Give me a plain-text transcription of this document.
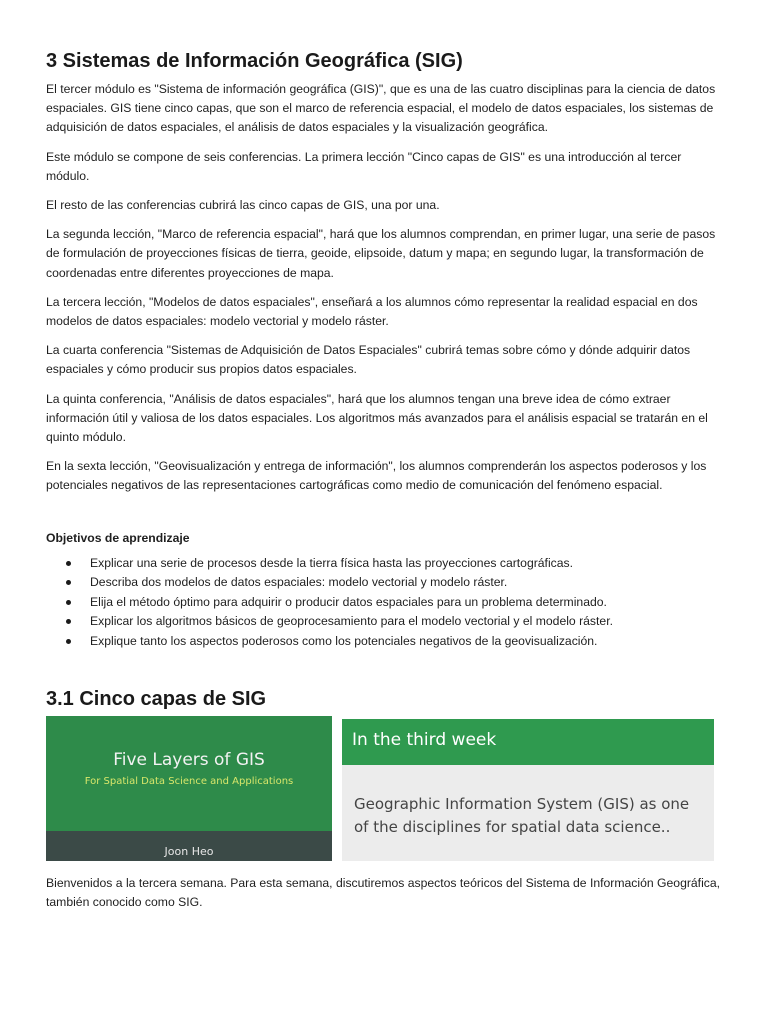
3 Sistemas de Información Geográfica (SIG)

El tercer módulo es "Sistema de información geográfica (GIS)", que es una de las cuatro disciplinas para la ciencia de datos espaciales. GIS tiene cinco capas, que son el marco de referencia espacial, el modelo de datos espaciales, los sistemas de adquisición de datos espaciales, el análisis de datos espaciales y la visualización geográfica.

Este módulo se compone de seis conferencias. La primera lección "Cinco capas de GIS" es una introducción al tercer módulo.

El resto de las conferencias cubrirá las cinco capas de GIS, una por una.

La segunda lección, "Marco de referencia espacial", hará que los alumnos comprendan, en primer lugar, una serie de pasos de formulación de proyecciones físicas de tierra, geoide, elipsoide, datum y mapa; en segundo lugar, la transformación de coordenadas entre diferentes proyecciones de mapa.

La tercera lección, "Modelos de datos espaciales", enseñará a los alumnos cómo representar la realidad espacial en dos modelos de datos espaciales: modelo vectorial y modelo ráster.

La cuarta conferencia "Sistemas de Adquisición de Datos Espaciales" cubrirá temas sobre cómo y dónde adquirir datos espaciales y cómo producir sus propios datos espaciales.

La quinta conferencia, "Análisis de datos espaciales", hará que los alumnos tengan una breve idea de cómo extraer información útil y valiosa de los datos espaciales. Los algoritmos más avanzados para el análisis espacial se tratarán en el quinto módulo.

En la sexta lección, "Geovisualización y entrega de información", los alumnos comprenderán los aspectos poderosos y los potenciales negativos de las representaciones cartográficas como medio de comunicación del fenómeno espacial.

Objetivos de aprendizaje
Explicar una serie de procesos desde la tierra física hasta las proyecciones cartográficas.
Describa dos modelos de datos espaciales: modelo vectorial y modelo ráster.
Elija el método óptimo para adquirir o producir datos espaciales para un problema determinado.
Explicar los algoritmos básicos de geoprocesamiento para el modelo vectorial y el modelo ráster.
Explique tanto los aspectos poderosos como los potenciales negativos de la geovisualización.
3.1 Cinco capas de SIG
Five Layers of GIS
For Spatial Data Science and Applications
Joon Heo
In the third week
Geographic Information System (GIS) as one of the disciplines for spatial data science..

Bienvenidos a la tercera semana. Para esta semana, discutiremos aspectos teóricos del Sistema de Información Geográfica, también conocido como SIG.
